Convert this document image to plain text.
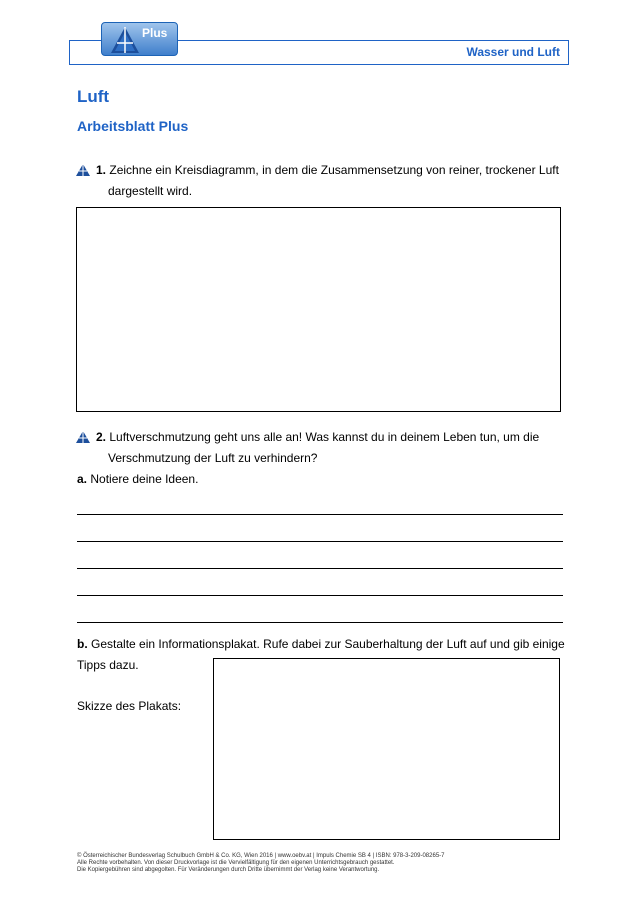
Wasser und Luft
Plus
Luft
Arbeitsblatt Plus
1. Zeichne ein Kreisdiagramm, in dem die Zusammensetzung von reiner, trockener Luft
dargestellt wird.
2. Luftverschmutzung geht uns alle an! Was kannst du in deinem Leben tun, um die
Verschmutzung der Luft zu verhindern?
a. Notiere deine Ideen.
b. Gestalte ein Informationsplakat. Rufe dabei zur Sauberhaltung der Luft auf und gib einige
Tipps dazu.
Skizze des Plakats:
© Österreichischer Bundesverlag Schulbuch GmbH & Co. KG, Wien 2016 | www.oebv.at | Impuls Chemie SB 4 | ISBN: 978-3-209-08265-7
Alle Rechte vorbehalten. Von dieser Druckvorlage ist die Vervielfältigung für den eigenen Unterrichtsgebrauch gestattet.
Die Kopiergebühren sind abgegolten. Für Veränderungen durch Dritte übernimmt der Verlag keine Verantwortung.
